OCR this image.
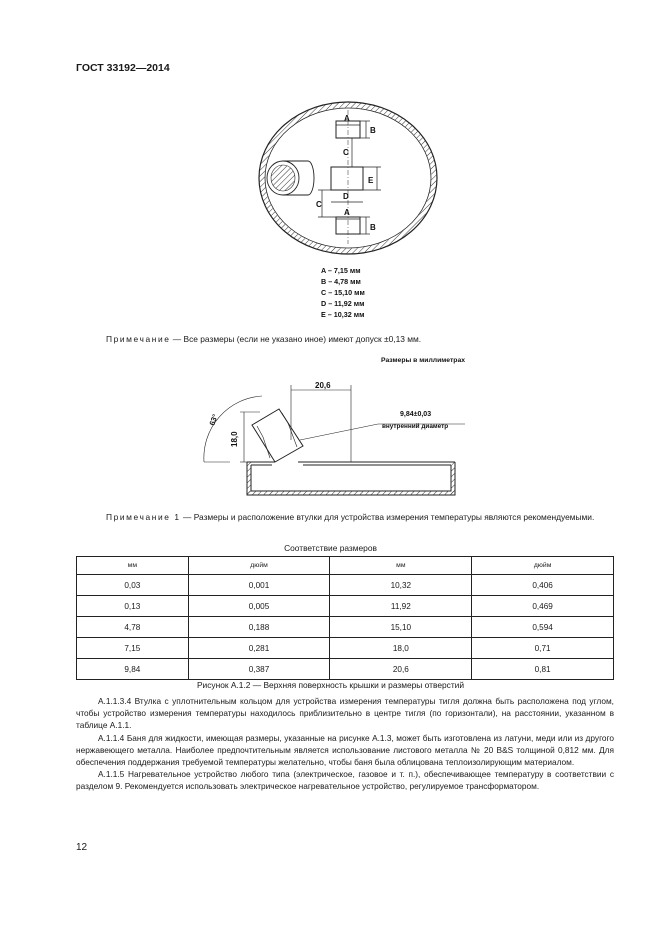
ГОСТ 33192—2014
A
B
C
E
C
D
A
B
A – 7,15 мм
B – 4,78 мм
C – 15,10 мм
D – 11,92 мм
E – 10,32 мм
Примечание — Все размеры (если не указано иное) имеют допуск ±0,13 мм.
Размеры в миллиметрах
20,6
9,84±0,03
внутренний диаметр
18,0
63°
Примечание 1 — Размеры и расположение втулки для устройства измерения температуры являются рекомендуемыми.
Соответствие размеров
мм	дюйм	мм	дюйм
0,03	0,001	10,32	0,406
0,13	0,005	11,92	0,469
4,78	0,188	15,10	0,594
7,15	0,281	18,0	0,71
9,84	0,387	20,6	0,81
Рисунок А.1.2 — Верхняя поверхность крышки и размеры отверстий

А.1.1.3.4 Втулка с уплотнительным кольцом для устройства измерения температуры тигля должна быть расположена под углом, чтобы устройство измерения температуры находилось приблизительно в центре тигля (по горизонтали), на расстоянии, указанном в таблице А.1.1.

А.1.1.4 Баня для жидкости, имеющая размеры, указанные на рисунке А.1.3, может быть изготовлена из латуни, меди или из другого нержавеющего металла. Наиболее предпочтительным является использование листового металла № 20 B&S толщиной 0,812 мм. Для обеспечения поддержания требуемой температуры желательно, чтобы баня была облицована теплоизолирующим материалом.

А.1.1.5 Нагревательное устройство любого типа (электрическое, газовое и т. п.), обеспечивающее температуру в соответствии с разделом 9. Рекомендуется использовать электрическое нагревательное устройство, регулируемое трансформатором.

12
